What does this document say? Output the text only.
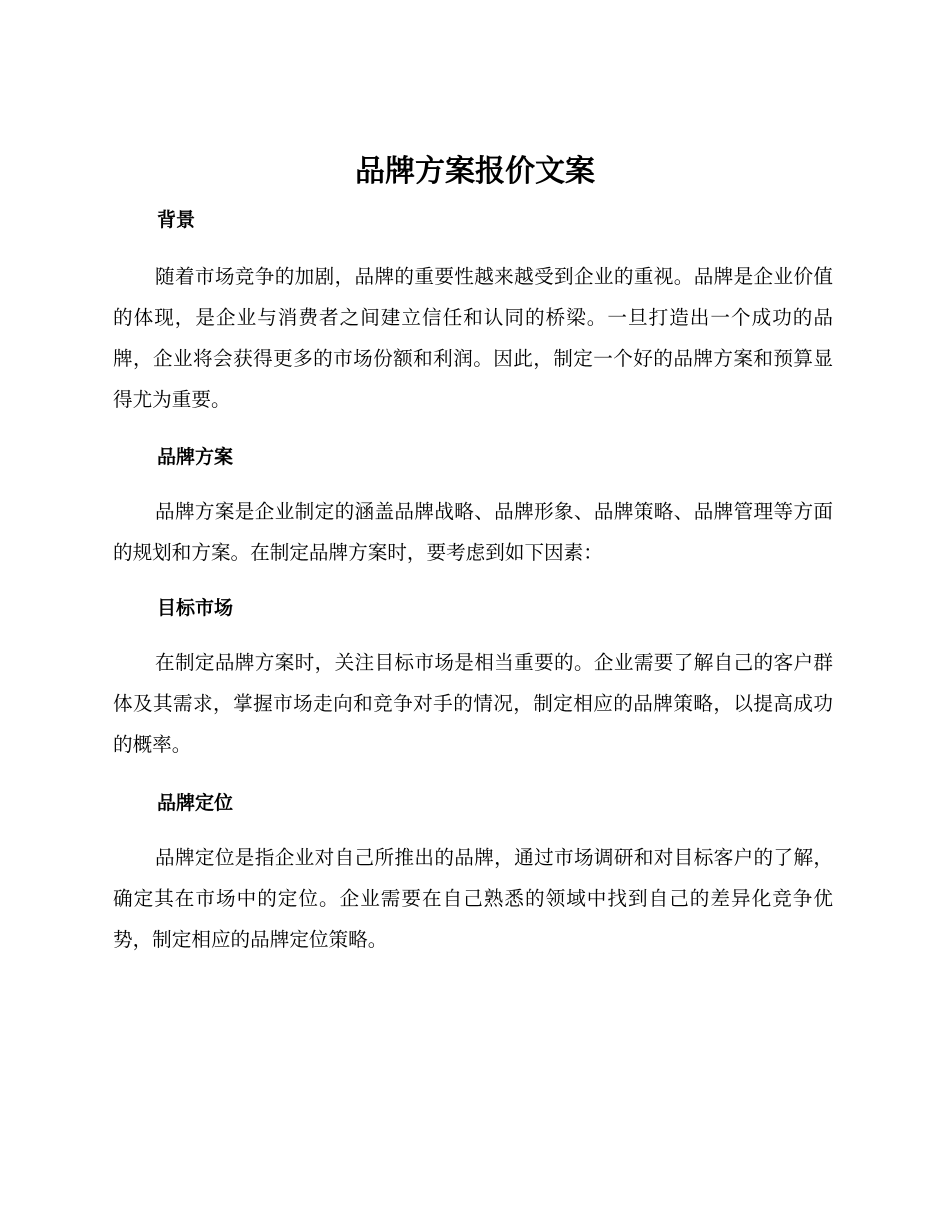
品牌方案报价文案
背景

随着市场竞争的加剧，品牌的重要性越来越受到企业的重视。品牌是企业价值的体现，是企业与消费者之间建立信任和认同的桥梁。一旦打造出一个成功的品牌，企业将会获得更多的市场份额和利润。因此，制定一个好的品牌方案和预算显得尤为重要。

品牌方案

品牌方案是企业制定的涵盖品牌战略、品牌形象、品牌策略、品牌管理等方面的规划和方案。在制定品牌方案时，要考虑到如下因素：

目标市场

在制定品牌方案时，关注目标市场是相当重要的。企业需要了解自己的客户群体及其需求，掌握市场走向和竞争对手的情况，制定相应的品牌策略，以提高成功的概率。

品牌定位

品牌定位是指企业对自己所推出的品牌，通过市场调研和对目标客户的了解，确定其在市场中的定位。企业需要在自己熟悉的领域中找到自己的差异化竞争优势，制定相应的品牌定位策略。
